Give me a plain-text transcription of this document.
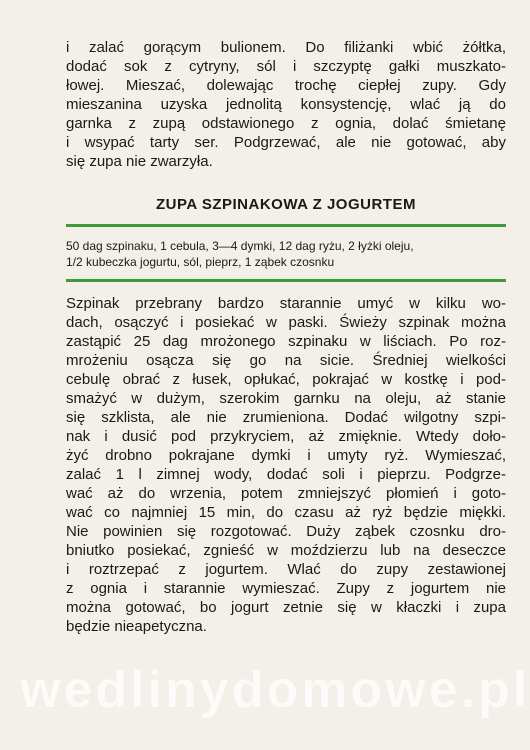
i zalać gorącym bulionem. Do filiżanki wbić żółtka,
dodać sok z cytryny, sól i szczyptę gałki muszkato-
łowej. Mieszać, dolewając trochę ciepłej zupy. Gdy
mieszanina uzyska jednolitą konsystencję, wlać ją do
garnka z zupą odstawionego z ognia, dolać śmietanę
i wsypać tarty ser. Podgrzewać, ale nie gotować, aby
się zupa nie zwarzyła.

ZUPA SZPINAKOWA Z JOGURTEM

50 dag szpinaku, 1 cebula, 3—4 dymki, 12 dag ryżu, 2 łyżki oleju,
1/2 kubeczka jogurtu, sól, pieprz, 1 ząbek czosnku

Szpinak przebrany bardzo starannie umyć w kilku wo-
dach, osączyć i posiekać w paski. Świeży szpinak można
zastąpić 25 dag mrożonego szpinaku w liściach. Po roz-
mrożeniu osącza się go na sicie. Średniej wielkości
cebulę obrać z łusek, opłukać, pokrajać w kostkę i pod-
smażyć w dużym, szerokim garnku na oleju, aż stanie
się szklista, ale nie zrumieniona. Dodać wilgotny szpi-
nak i dusić pod przykryciem, aż zmięknie. Wtedy doło-
żyć drobno pokrajane dymki i umyty ryż. Wymieszać,
zalać 1 l zimnej wody, dodać soli i pieprzu. Podgrze-
wać aż do wrzenia, potem zmniejszyć płomień i goto-
wać co najmniej 15 min, do czasu aż ryż będzie miękki.
Nie powinien się rozgotować. Duży ząbek czosnku dro-
bniutko posiekać, zgnieść w moździerzu lub na deseczce
i roztrzepać z jogurtem. Wlać do zupy zestawionej
z ognia i starannie wymieszać. Zupy z jogurtem nie
można gotować, bo jogurt zetnie się w kłaczki i zupa
będzie nieapetyczna.

wedlinydomowe.pl
